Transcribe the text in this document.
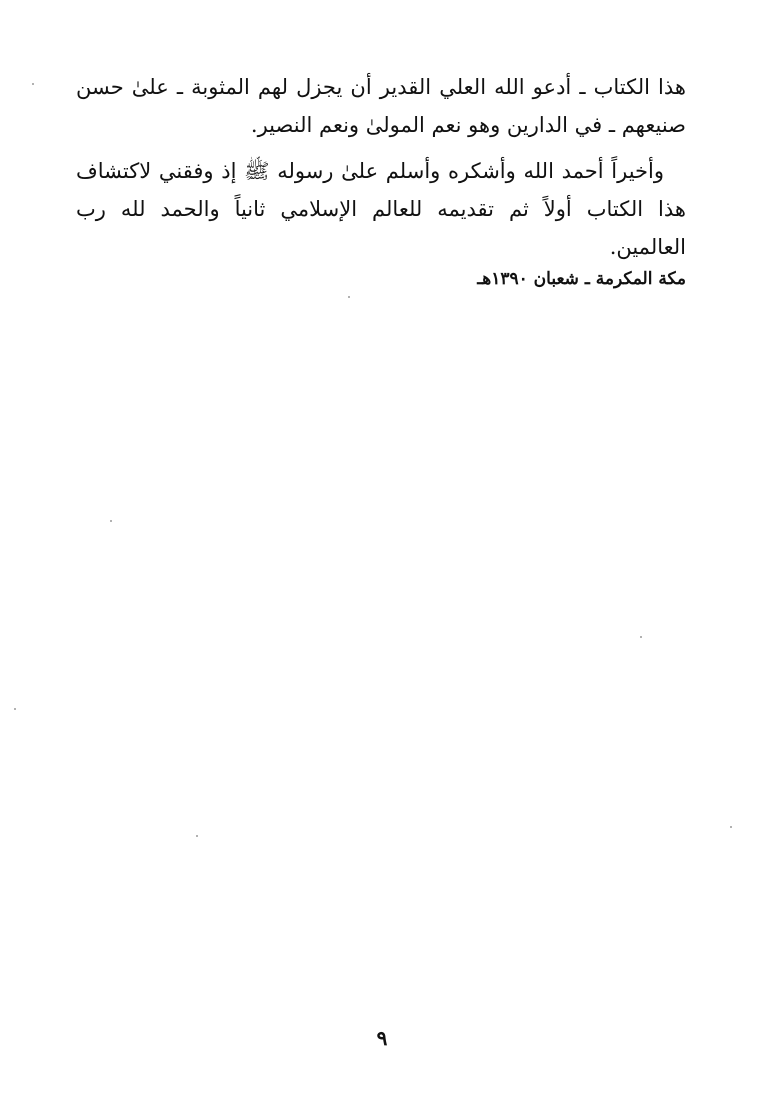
هذا الكتاب ـ أدعو الله العلي القدير أن يجزل لهم المثوبة ـ علىٰ حسن
صنيعهم ـ في الدارين وهو نعم المولىٰ ونعم النصير.
وأخيراً أحمد الله وأشكره وأسلم علىٰ رسوله ﷺ إذ وفقني لاكتشاف
هذا الكتاب أولاً ثم تقديمه للعالم الإسلامي ثانياً والحمد لله رب
العالمين.
مكة المكرمة ـ شعبان ١٣٩٠هـ
٩
